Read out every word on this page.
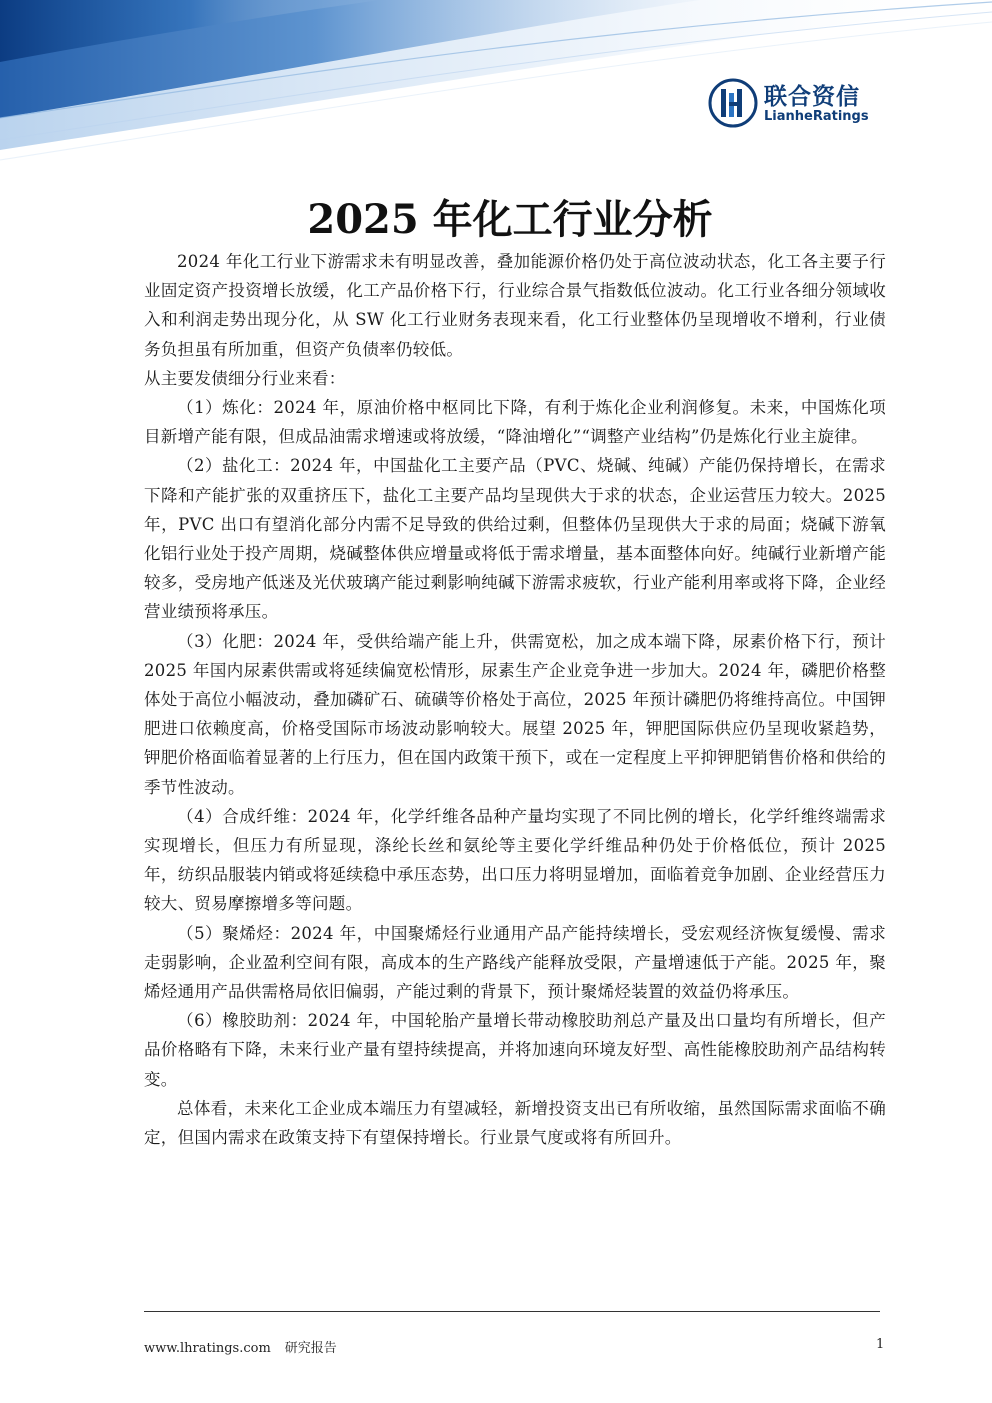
联合资信
LianheRatings
2025 年化工行业分析

2024 年化工行业下游需求未有明显改善，叠加能源价格仍处于高位波动状态，化工各主要子行业固定资产投资增长放缓，化工产品价格下行，行业综合景气指数低位波动。化工行业各细分领域收入和利润走势出现分化，从 SW 化工行业财务表现来看，化工行业整体仍呈现增收不增利，行业债务负担虽有所加重，但资产负债率仍较低。

从主要发债细分行业来看：

（1）炼化：2024 年，原油价格中枢同比下降，有利于炼化企业利润修复。未来，中国炼化项目新增产能有限，但成品油需求增速或将放缓，“降油增化”“调整产业结构”仍是炼化行业主旋律。

（2）盐化工：2024 年，中国盐化工主要产品（PVC、烧碱、纯碱）产能仍保持增长，在需求下降和产能扩张的双重挤压下，盐化工主要产品均呈现供大于求的状态，企业运营压力较大。2025 年，PVC 出口有望消化部分内需不足导致的供给过剩，但整体仍呈现供大于求的局面；烧碱下游氧化铝行业处于投产周期，烧碱整体供应增量或将低于需求增量，基本面整体向好。纯碱行业新增产能较多，受房地产低迷及光伏玻璃产能过剩影响纯碱下游需求疲软，行业产能利用率或将下降，企业经营业绩预将承压。

（3）化肥：2024 年，受供给端产能上升，供需宽松，加之成本端下降，尿素价格下行，预计 2025 年国内尿素供需或将延续偏宽松情形，尿素生产企业竞争进一步加大。2024 年，磷肥价格整体处于高位小幅波动，叠加磷矿石、硫磺等价格处于高位，2025 年预计磷肥仍将维持高位。中国钾肥进口依赖度高，价格受国际市场波动影响较大。展望 2025 年，钾肥国际供应仍呈现收紧趋势，钾肥价格面临着显著的上行压力，但在国内政策干预下，或在一定程度上平抑钾肥销售价格和供给的季节性波动。

（4）合成纤维：2024 年，化学纤维各品种产量均实现了不同比例的增长，化学纤维终端需求实现增长，但压力有所显现，涤纶长丝和氨纶等主要化学纤维品种仍处于价格低位，预计 2025 年，纺织品服装内销或将延续稳中承压态势，出口压力将明显增加，面临着竞争加剧、企业经营压力较大、贸易摩擦增多等问题。

（5）聚烯烃：2024 年，中国聚烯烃行业通用产品产能持续增长，受宏观经济恢复缓慢、需求走弱影响，企业盈利空间有限，高成本的生产路线产能释放受限，产量增速低于产能。2025 年，聚烯烃通用产品供需格局依旧偏弱，产能过剩的背景下，预计聚烯烃装置的效益仍将承压。

（6）橡胶助剂：2024 年，中国轮胎产量增长带动橡胶助剂总产量及出口量均有所增长，但产品价格略有下降，未来行业产量有望持续提高，并将加速向环境友好型、高性能橡胶助剂产品结构转变。

总体看，未来化工企业成本端压力有望减轻，新增投资支出已有所收缩，虽然国际需求面临不确定，但国内需求在政策支持下有望保持增长。行业景气度或将有所回升。

www.lhratings.com 研究报告	1
